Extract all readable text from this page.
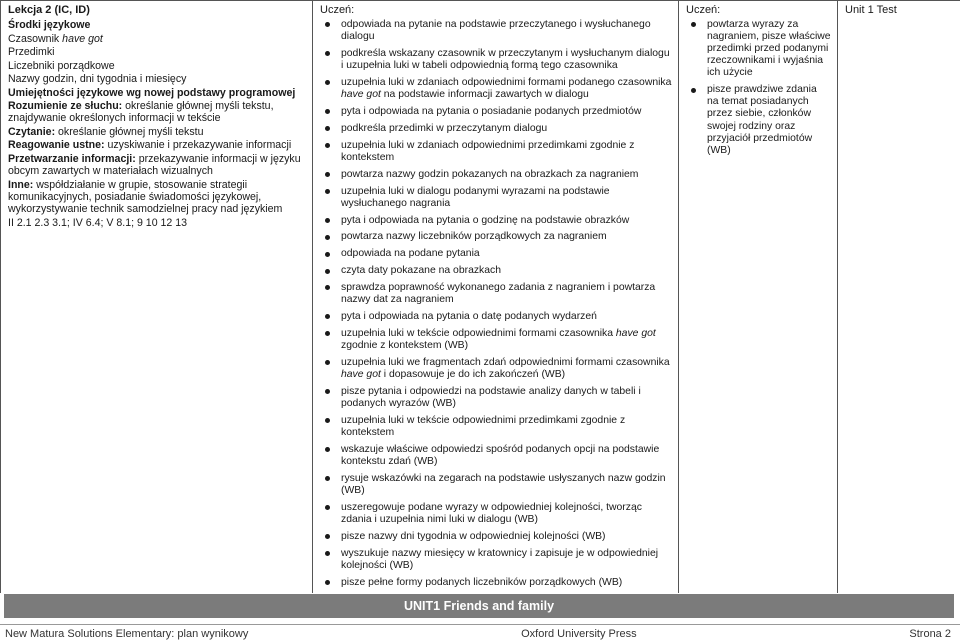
Lekcja 2 (IC, ID)
Środki językowe
Czasownik have got
Przedimki
Liczebniki porządkowe
Nazwy godzin, dni tygodnia i miesięcy
Umiejętności językowe wg nowej podstawy programowej
Rozumienie ze słuchu: określanie głównej myśli tekstu, znajdywanie określonych informacji w tekście
Czytanie: określanie głównej myśli tekstu
Reagowanie ustne: uzyskiwanie i przekazywanie informacji
Przetwarzanie informacji: przekazywanie informacji w języku obcym zawartych w materiałach wizualnych
Inne: współdziałanie w grupie, stosowanie strategii komunikacyjnych, posiadanie świadomości językowej, wykorzystywanie technik samodzielnej pracy nad językiem
II 2.1 2.3 3.1; IV 6.4; V 8.1; 9 10 12 13
Uczeń:
odpowiada na pytanie na podstawie przeczytanego i wysłuchanego dialogu
podkreśla wskazany czasownik w przeczytanym i wysłuchanym dialogu i uzupełnia luki w tabeli odpowiednią formą tego czasownika
uzupełnia luki w zdaniach odpowiednimi formami podanego czasownika have got na podstawie informacji zawartych w dialogu
pyta i odpowiada na pytania o posiadanie podanych przedmiotów
podkreśla przedimki w przeczytanym dialogu
uzupełnia luki w zdaniach odpowiednimi przedimkami zgodnie z kontekstem
powtarza nazwy godzin pokazanych na obrazkach za nagraniem
uzupełnia luki w dialogu podanymi wyrazami na podstawie wysłuchanego nagrania
pyta i odpowiada na pytania o godzinę na podstawie obrazków
powtarza nazwy liczebników porządkowych za nagraniem
odpowiada na podane pytania
czyta daty pokazane na obrazkach
sprawdza poprawność wykonanego zadania z nagraniem i powtarza nazwy dat za nagraniem
pyta i odpowiada na pytania o datę podanych wydarzeń
uzupełnia luki w tekście odpowiednimi formami czasownika have got zgodnie z kontekstem (WB)
uzupełnia luki we fragmentach zdań odpowiednimi formami czasownika have got i dopasowuje je do ich zakończeń (WB)
pisze pytania i odpowiedzi na podstawie analizy danych w tabeli i podanych wyrazów (WB)
uzupełnia luki w tekście odpowiednimi przedimkami zgodnie z kontekstem
wskazuje właściwe odpowiedzi spośród podanych opcji na podstawie kontekstu zdań (WB)
rysuje wskazówki na zegarach na podstawie usłyszanych nazw godzin (WB)
uszeregowuje podane wyrazy w odpowiedniej kolejności, tworząc zdania i uzupełnia nimi luki w dialogu (WB)
pisze nazwy dni tygodnia w odpowiedniej kolejności (WB)
wyszukuje nazwy miesięcy w kratownicy i zapisuje je w odpowiedniej kolejności (WB)
pisze pełne formy podanych liczebników porządkowych (WB)
Uczeń:
powtarza wyrazy za nagraniem, pisze właściwe przedimki przed podanymi rzeczownikami i wyjaśnia ich użycie
pisze prawdziwe zdania na temat posiadanych przez siebie, członków swojej rodziny oraz przyjaciół przedmiotów (WB)
Unit 1 Test
UNIT1 Friends and family
New Matura Solutions Elementary: plan wynikowy	Oxford University Press	Strona 2
